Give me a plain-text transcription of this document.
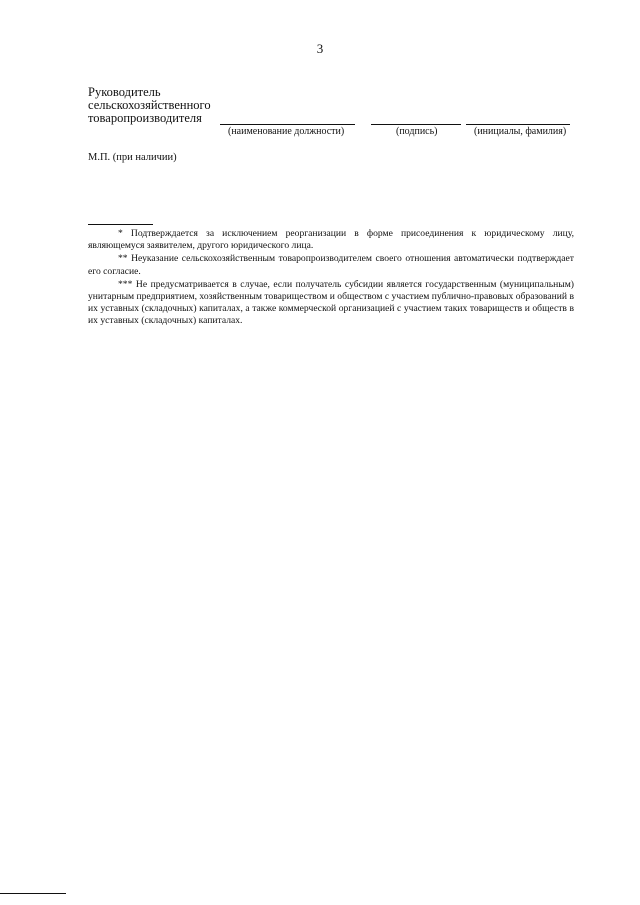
3
Руководитель
сельскохозяйственного
товаропроизводителя
(наименование должности)	(подпись)	(инициалы, фамилия)
М.П. (при наличии)

* Подтверждается за исключением реорганизации в форме присоединения к юридическому лицу, являющемуся заявителем, другого юридического лица.

** Неуказание сельскохозяйственным товаропроизводителем своего отношения автоматически подтверждает его согласие.

*** Не предусматривается в случае, если получатель субсидии является государственным (муниципальным) унитарным предприятием, хозяйственным товариществом и обществом с участием публично-правовых образований в их уставных (складочных) капиталах, а также коммерческой организацией с участием таких товариществ и обществ в их уставных (складочных) капиталах.
